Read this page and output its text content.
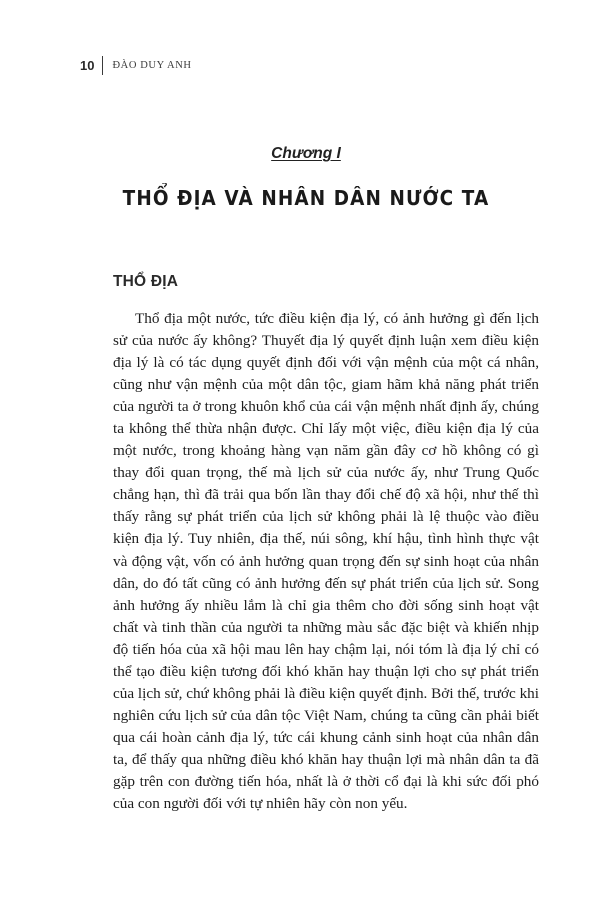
10 ĐÀO DUY ANH
Chương I
THỔ ĐỊA VÀ NHÂN DÂN NƯỚC TA
THỔ ĐỊA

Thổ địa một nước, tức điều kiện địa lý, có ảnh hưởng gì đến lịch sử của nước ấy không? Thuyết địa lý quyết định luận xem điều kiện địa lý là có tác dụng quyết định đối với vận mệnh của một cá nhân, cũng như vận mệnh của một dân tộc, giam hãm khả năng phát triển của người ta ở trong khuôn khổ của cái vận mệnh nhất định ấy, chúng ta không thể thừa nhận được. Chỉ lấy một việc, điều kiện địa lý của một nước, trong khoảng hàng vạn năm gần đây cơ hồ không có gì thay đổi quan trọng, thế mà lịch sử của nước ấy, như Trung Quốc chẳng hạn, thì đã trải qua bốn lần thay đổi chế độ xã hội, như thế thì thấy rằng sự phát triển của lịch sử không phải là lệ thuộc vào điều kiện địa lý. Tuy nhiên, địa thế, núi sông, khí hậu, tình hình thực vật và động vật, vốn có ảnh hưởng quan trọng đến sự sinh hoạt của nhân dân, do đó tất cũng có ảnh hưởng đến sự phát triển của lịch sử. Song ảnh hưởng ấy nhiều lắm là chỉ gia thêm cho đời sống sinh hoạt vật chất và tinh thần của người ta những màu sắc đặc biệt và khiến nhịp độ tiến hóa của xã hội mau lên hay chậm lại, nói tóm là địa lý chỉ có thể tạo điều kiện tương đối khó khăn hay thuận lợi cho sự phát triển của lịch sử, chứ không phải là điều kiện quyết định. Bởi thế, trước khi nghiên cứu lịch sử của dân tộc Việt Nam, chúng ta cũng cần phải biết qua cái hoàn cảnh địa lý, tức cái khung cảnh sinh hoạt của nhân dân ta, để thấy qua những điều khó khăn hay thuận lợi mà nhân dân ta đã gặp trên con đường tiến hóa, nhất là ở thời cổ đại là khi sức đối phó của con người đối với tự nhiên hãy còn non yếu.
